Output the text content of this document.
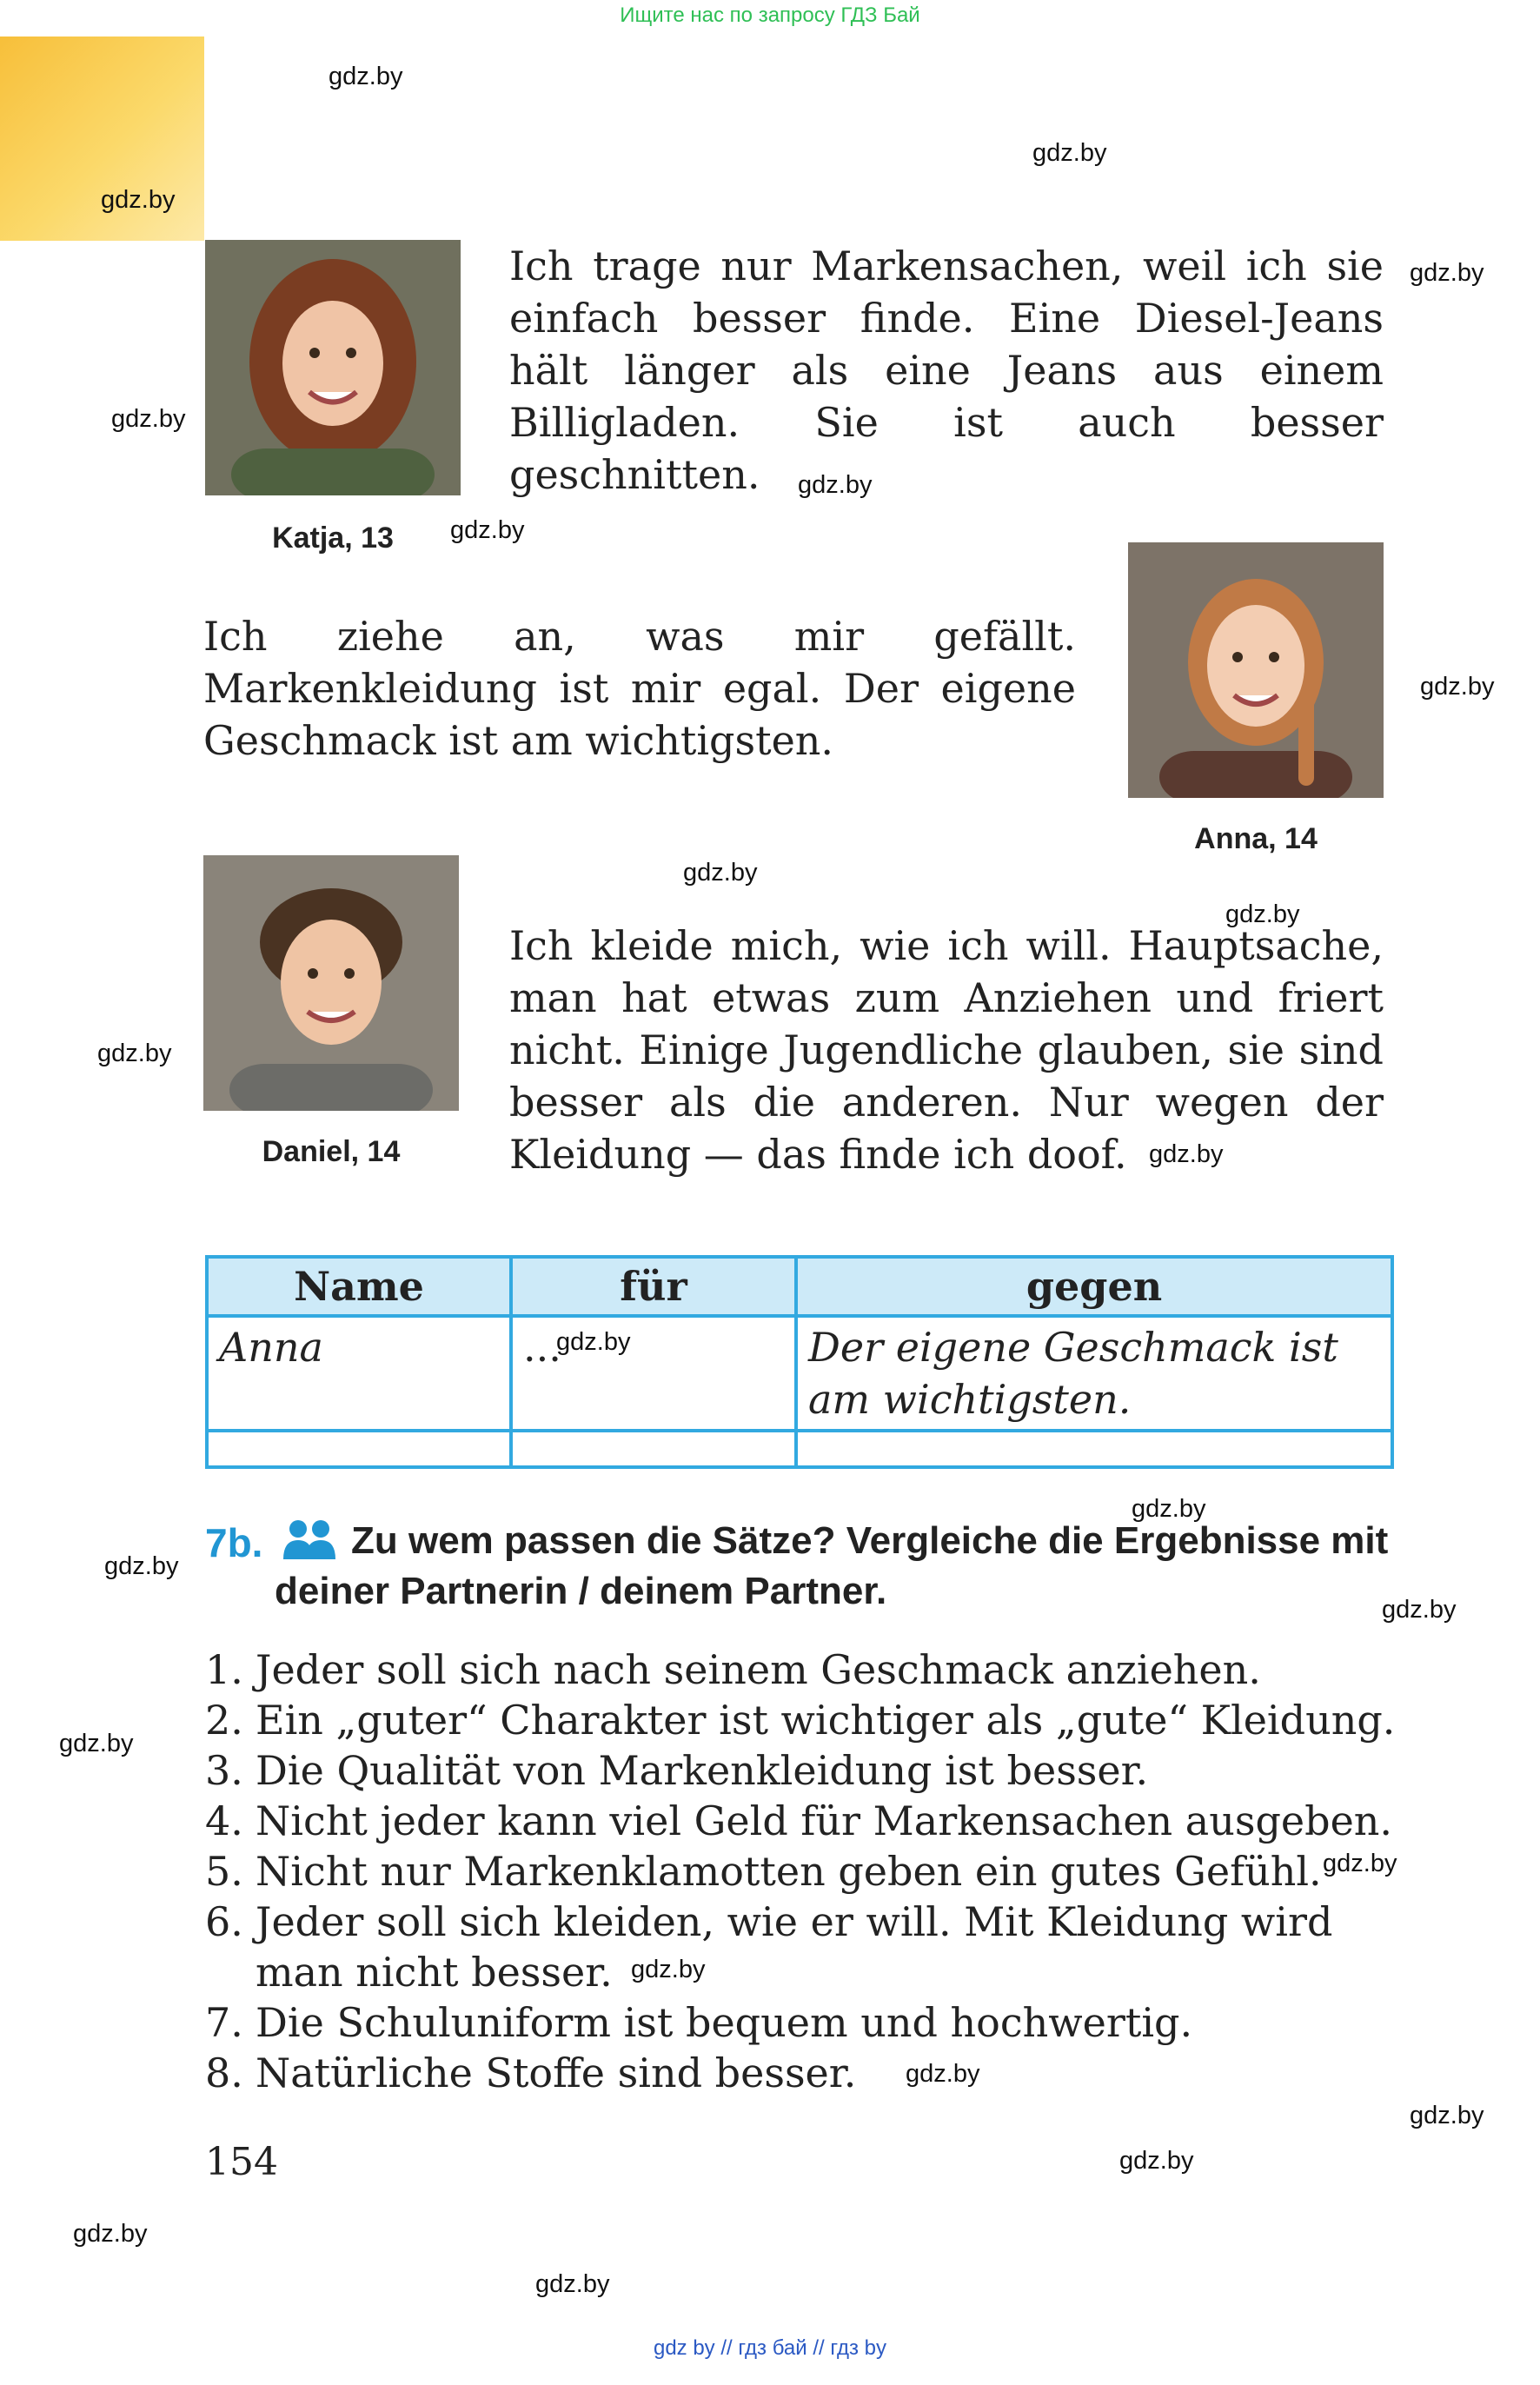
Ищите нас по запросу ГДЗ Бай
gdz.by
gdz.by
gdz.by
gdz.by
gdz.by
gdz.by
gdz.by
gdz.by
gdz.by
gdz.by
gdz.by
gdz.by
gdz.by
gdz.by
gdz.by
gdz.by
gdz.by
gdz.by
gdz.by
gdz.by
gdz.by
gdz.by
gdz.by
gdz.by
Katja, 13
Ich trage nur Markensachen, weil ich sie einfach besser finde. Eine Diesel-Jeans hält länger als eine Jeans aus einem Billigladen. Sie ist auch besser geschnitten.
Ich ziehe an, was mir gefällt. Markenkleidung ist mir egal. Der eigene Geschmack ist am wichtigsten.
Anna, 14
Daniel, 14
Ich kleide mich, wie ich will. Hauptsache, man hat etwas zum Anziehen und friert nicht. Einige Jugendliche glauben, sie sind besser als die anderen. Nur wegen der Kleidung — das finde ich doof.
Name	für	gegen
Anna	...	Der eigene Geschmack ist am wichtigsten.

7b.	Zu wem passen die Sätze? Vergleiche die Ergebnisse mit deiner Partnerin / deinem Partner.
1. Jeder soll sich nach seinem Geschmack anziehen.
2. Ein „guter“ Charakter ist wichtiger als „gute“ Kleidung.
3. Die Qualität von Markenkleidung ist besser.
4. Nicht jeder kann viel Geld für Markensachen ausgeben.
5. Nicht nur Markenklamotten geben ein gutes Gefühl.
6. Jeder soll sich kleiden, wie er will. Mit Kleidung wird man nicht besser.
7. Die Schuluniform ist bequem und hochwertig.
8. Natürliche Stoffe sind besser.
154
gdz by // гдз бай // гдз by
